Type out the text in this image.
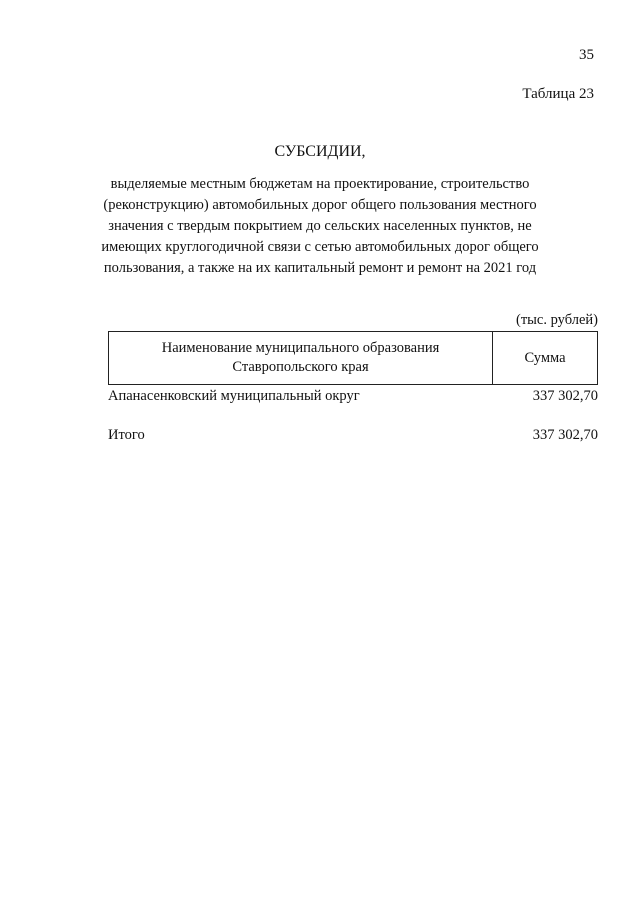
35
Таблица 23
СУБСИДИИ,
выделяемые местным бюджетам на проектирование, строительство
(реконструкцию) автомобильных дорог общего пользования местного
значения с твердым покрытием до сельских населенных пунктов, не
имеющих круглогодичной связи с сетью автомобильных дорог общего
пользования, а также на их капитальный ремонт и ремонт на 2021 год
(тыс. рублей)
Наименование муниципального образования
Ставропольского края
Сумма
Апанасенковский муниципальный округ	337 302,70
Итого	337 302,70
